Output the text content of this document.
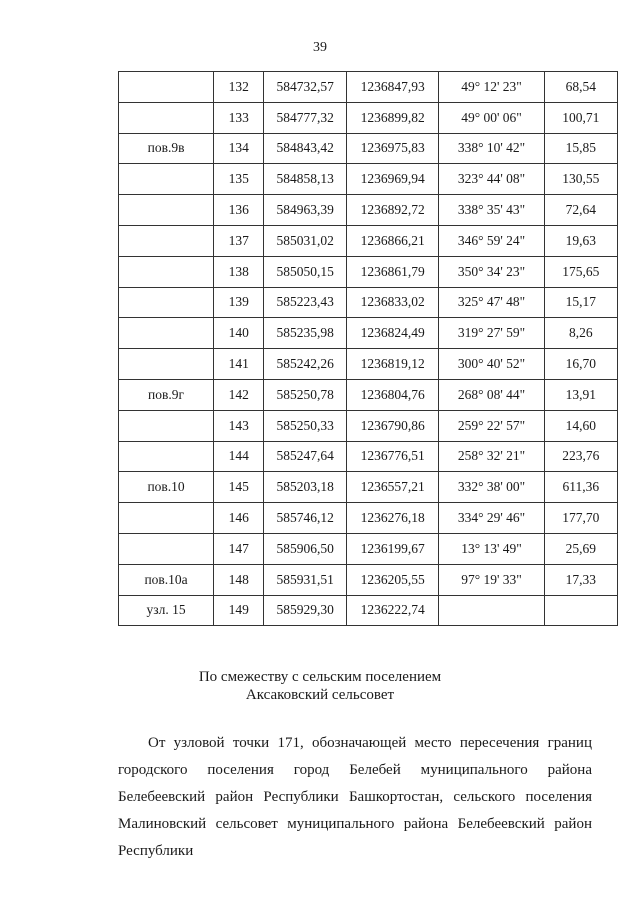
39
	132	584732,57	1236847,93	49° 12' 23"	68,54
	133	584777,32	1236899,82	49° 00' 06"	100,71
пов.9в	134	584843,42	1236975,83	338° 10' 42"	15,85
	135	584858,13	1236969,94	323° 44' 08"	130,55
	136	584963,39	1236892,72	338° 35' 43"	72,64
	137	585031,02	1236866,21	346° 59' 24"	19,63
	138	585050,15	1236861,79	350° 34' 23"	175,65
	139	585223,43	1236833,02	325° 47' 48"	15,17
	140	585235,98	1236824,49	319° 27' 59"	8,26
	141	585242,26	1236819,12	300° 40' 52"	16,70
пов.9г	142	585250,78	1236804,76	268° 08' 44"	13,91
	143	585250,33	1236790,86	259° 22' 57"	14,60
	144	585247,64	1236776,51	258° 32' 21"	223,76
пов.10	145	585203,18	1236557,21	332° 38' 00"	611,36
	146	585746,12	1236276,18	334° 29' 46"	177,70
	147	585906,50	1236199,67	13° 13' 49"	25,69
пов.10а	148	585931,51	1236205,55	97° 19' 33"	17,33
узл. 15	149	585929,30	1236222,74		
По смежеству с сельским поселением
Аксаковский сельсовет
От узловой точки 171, обозначающей место пересечения границ городского поселения город Белебей муниципального района Белебеевский район Республики Башкортостан, сельского поселения Малиновский сельсовет муниципального района Белебеевский район Республики
